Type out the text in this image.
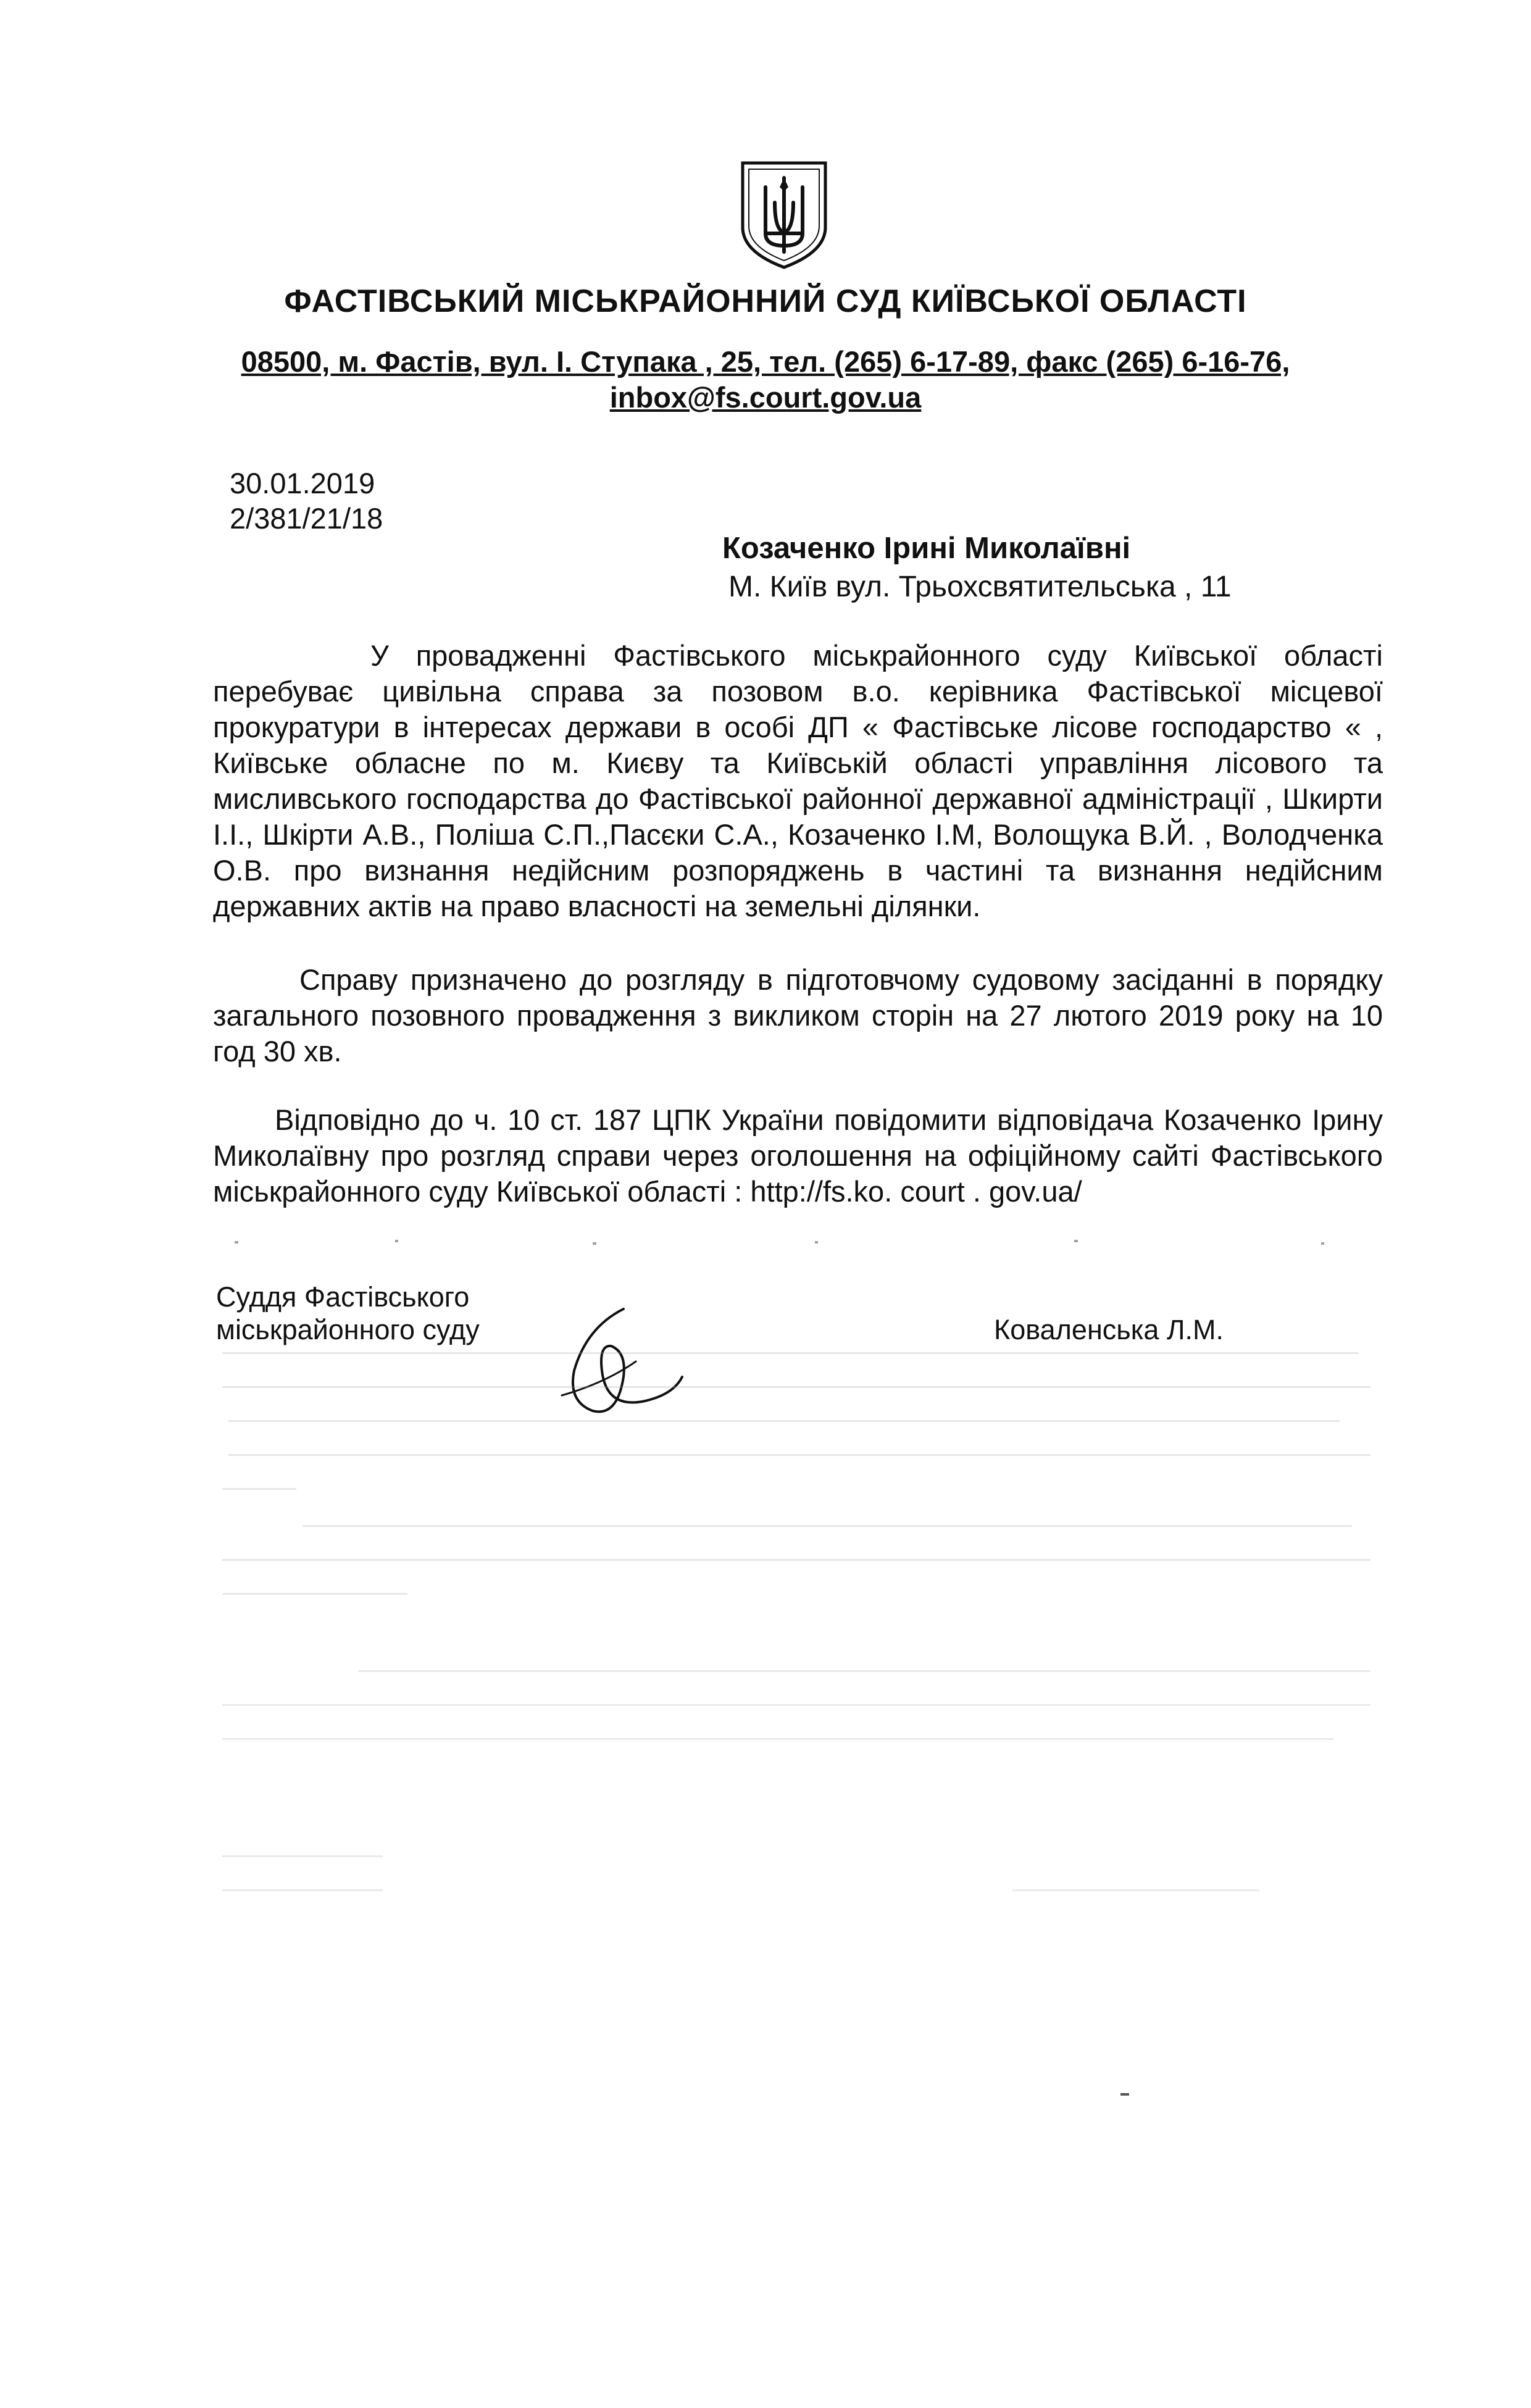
ФАСТІВСЬКИЙ МІСЬКРАЙОННИЙ СУД КИЇВСЬКОЇ ОБЛАСТІ
08500, м. Фастів, вул. І. Ступака , 25, тел. (265) 6-17-89, факс (265) 6-16-76,
inbox@fs.court.gov.ua
30.01.2019
2/381/21/18
Козаченко Ірині Миколаївні
М. Київ вул. Трьохсвятительська , 11
У провадженні Фастівського міськрайонного суду Київської області перебуває цивільна справа за позовом в.о. керівника Фастівської місцевої прокуратури в інтересах держави в особі ДП « Фастівське лісове господарство « , Київське обласне по м. Києву та Київській області управління лісового та мисливського господарства до Фастівської районної державної адміністрації , Шкирти І.І., Шкірти А.В., Поліша С.П.,Пасєки С.А., Козаченко І.М, Волощука В.Й. , Володченка О.В. про визнання недійсним розпоряджень в частині та визнання недійсним державних актів на право власності на земельні ділянки.
Справу призначено до розгляду в підготовчому судовому засіданні в порядку загального позовного провадження з викликом сторін на 27 лютого 2019 року на 10 год 30 хв.
Відповідно до ч. 10 ст. 187 ЦПК України повідомити відповідача Козаченко Ірину Миколаївну про розгляд справи через оголошення на офіційному сайті Фастівського міськрайонного суду Київської області : http://fs.ko. court . gov.ua/
Суддя Фастівського
міськрайонного суду	Коваленська Л.М.
